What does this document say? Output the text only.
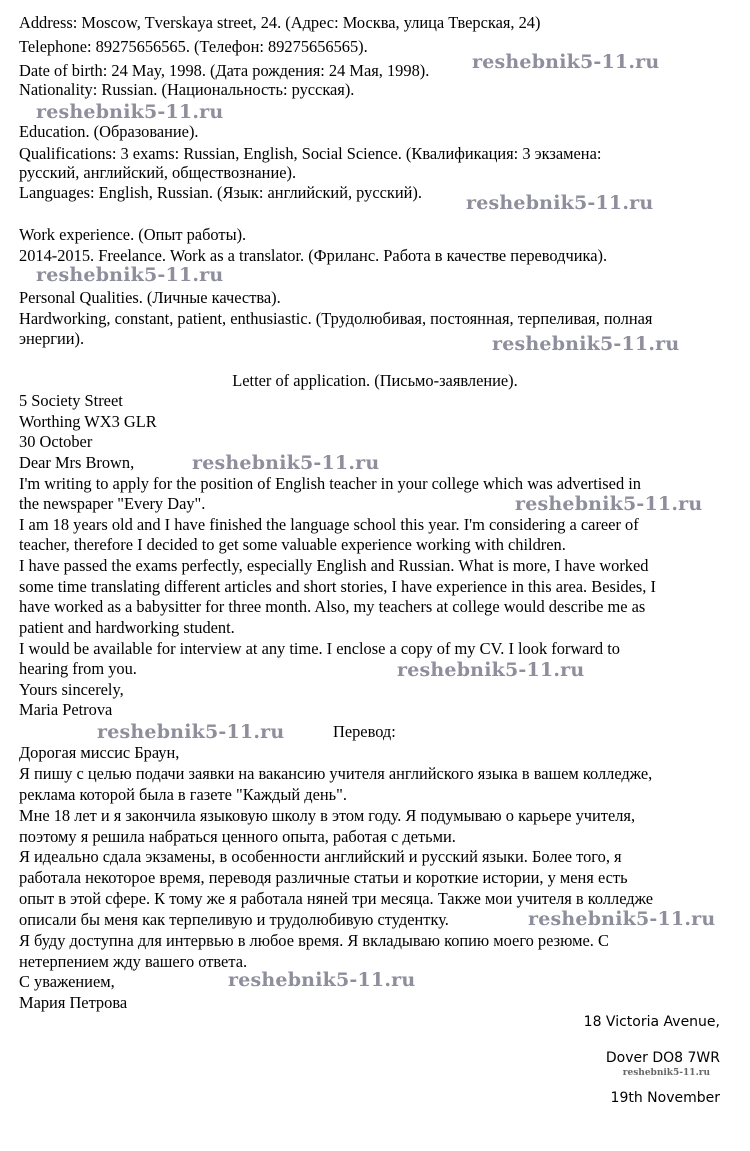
Address: Moscow, Tverskaya street, 24. (Адрес: Москва, улица Тверская, 24)
Telephone: 89275656565. (Телефон: 89275656565).
Date of birth: 24 May, 1998. (Дата рождения: 24 Мая, 1998).
Nationality: Russian. (Национальность: русская).
Education. (Образование).
Qualifications: 3 exams: Russian, English, Social Science. (Квалификация: 3 экзамена:
русский, английский, обществознание).
Languages: English, Russian. (Язык: английский, русский).
Work experience. (Опыт работы).
2014-2015. Freelance. Work as a translator. (Фриланс. Работа в качестве переводчика).
Personal Qualities. (Личные качества).
Hardworking, constant, patient, enthusiastic. (Трудолюбивая, постоянная, терпеливая, полная
энергии).
Letter of application. (Письмо-заявление).
5 Society Street
Worthing WX3 GLR
30 October
Dear Mrs Brown,
I'm writing to apply for the position of English teacher in your college which was advertised in
the newspaper "Every Day".
I am 18 years old and I have finished the language school this year. I'm considering a career of
teacher, therefore I decided to get some valuable experience working with children.
I have passed the exams perfectly, especially English and Russian. What is more, I have worked
some time translating different articles and short stories, I have experience in this area. Besides, I
have worked as a babysitter for three month. Also, my teachers at college would describe me as
patient and hardworking student.
I would be available for interview at any time. I enclose a copy of my CV. I look forward to
hearing from you.
Yours sincerely,
Maria Petrova
Перевод:
Дорогая миссис Браун,
Я пишу с целью подачи заявки на вакансию учителя английского языка в вашем колледже,
реклама которой была в газете "Каждый день".
Мне 18 лет и я закончила языковую школу в этом году. Я подумываю о карьере учителя,
поэтому я решила набраться ценного опыта, работая с детьми.
Я идеально сдала экзамены, в особенности английский и русский языки. Более того, я
работала некоторое время, переводя различные статьи и короткие истории, у меня есть
опыт в этой сфере. К тому же я работала няней три месяца. Также мои учителя в колледже
описали бы меня как терпеливую и трудолюбивую студентку.
Я буду доступна для интервью в любое время. Я вкладываю копию моего резюме. С
нетерпением жду вашего ответа.
С уважением,
Мария Петрова
18 Victoria Avenue,
Dover DO8 7WR
reshebnik5-11.ru
19th November
reshebnik5-11.ru
reshebnik5-11.ru
reshebnik5-11.ru
reshebnik5-11.ru
reshebnik5-11.ru
reshebnik5-11.ru
reshebnik5-11.ru
reshebnik5-11.ru
reshebnik5-11.ru
reshebnik5-11.ru
reshebnik5-11.ru
